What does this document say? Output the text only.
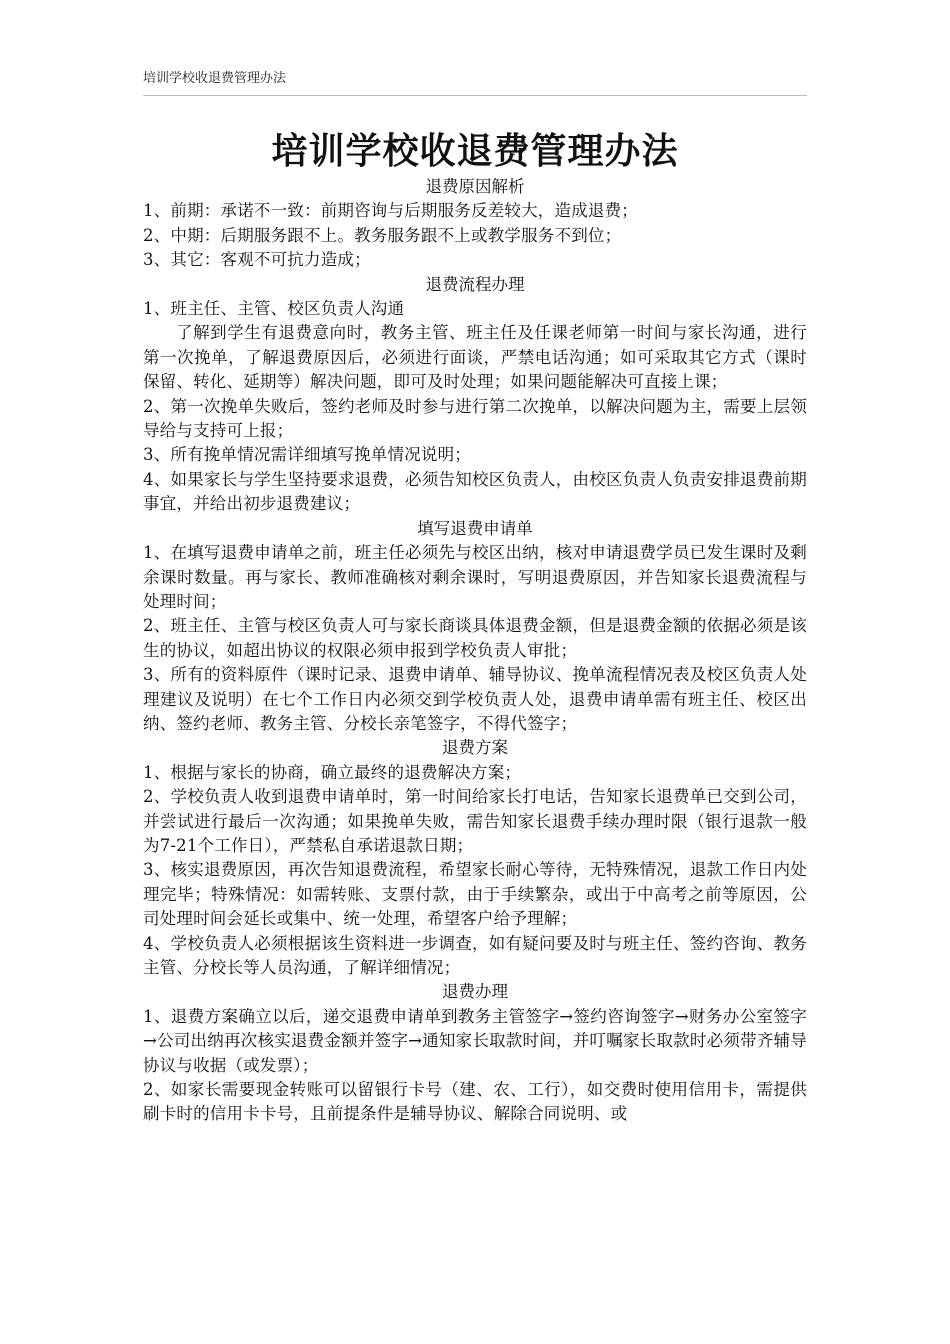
培训学校收退费管理办法
培训学校收退费管理办法

退费原因解析

1、前期：承诺不一致：前期咨询与后期服务反差较大，造成退费；

2、中期：后期服务跟不上。教务服务跟不上或教学服务不到位；

3、其它：客观不可抗力造成；

退费流程办理

1、班主任、主管、校区负责人沟通

了解到学生有退费意向时，教务主管、班主任及任课老师第一时间与家长沟通，进行第一次挽单，了解退费原因后，必须进行面谈，严禁电话沟通；如可采取其它方式（课时保留、转化、延期等）解决问题，即可及时处理；如果问题能解决可直接上课；

2、第一次挽单失败后，签约老师及时参与进行第二次挽单，以解决问题为主，需要上层领导给与支持可上报；

3、所有挽单情况需详细填写挽单情况说明；

4、如果家长与学生坚持要求退费，必须告知校区负责人，由校区负责人负责安排退费前期事宜，并给出初步退费建议；

填写退费申请单

1、在填写退费申请单之前，班主任必须先与校区出纳，核对申请退费学员已发生课时及剩余课时数量。再与家长、教师准确核对剩余课时，写明退费原因，并告知家长退费流程与处理时间；

2、班主任、主管与校区负责人可与家长商谈具体退费金额，但是退费金额的依据必须是该生的协议，如超出协议的权限必须申报到学校负责人审批；

3、所有的资料原件（课时记录、退费申请单、辅导协议、挽单流程情况表及校区负责人处理建议及说明）在七个工作日内必须交到学校负责人处，退费申请单需有班主任、校区出纳、签约老师、教务主管、分校长亲笔签字，不得代签字；

退费方案

1、根据与家长的协商，确立最终的退费解决方案；

2、学校负责人收到退费申请单时，第一时间给家长打电话，告知家长退费单已交到公司，并尝试进行最后一次沟通；如果挽单失败，需告知家长退费手续办理时限（银行退款一般为7-21个工作日），严禁私自承诺退款日期；

3、核实退费原因，再次告知退费流程，希望家长耐心等待，无特殊情况，退款工作日内处理完毕；特殊情况：如需转账、支票付款，由于手续繁杂，或出于中高考之前等原因，公司处理时间会延长或集中、统一处理，希望客户给予理解；

4、学校负责人必须根据该生资料进一步调查，如有疑问要及时与班主任、签约咨询、教务主管、分校长等人员沟通，了解详细情况；

退费办理

1、退费方案确立以后，递交退费申请单到教务主管签字→签约咨询签字→财务办公室签字→公司出纳再次核实退费金额并签字→通知家长取款时间，并叮嘱家长取款时必须带齐辅导协议与收据（或发票）；

2、如家长需要现金转账可以留银行卡号（建、农、工行），如交费时使用信用卡，需提供刷卡时的信用卡卡号，且前提条件是辅导协议、解除合同说明、或
